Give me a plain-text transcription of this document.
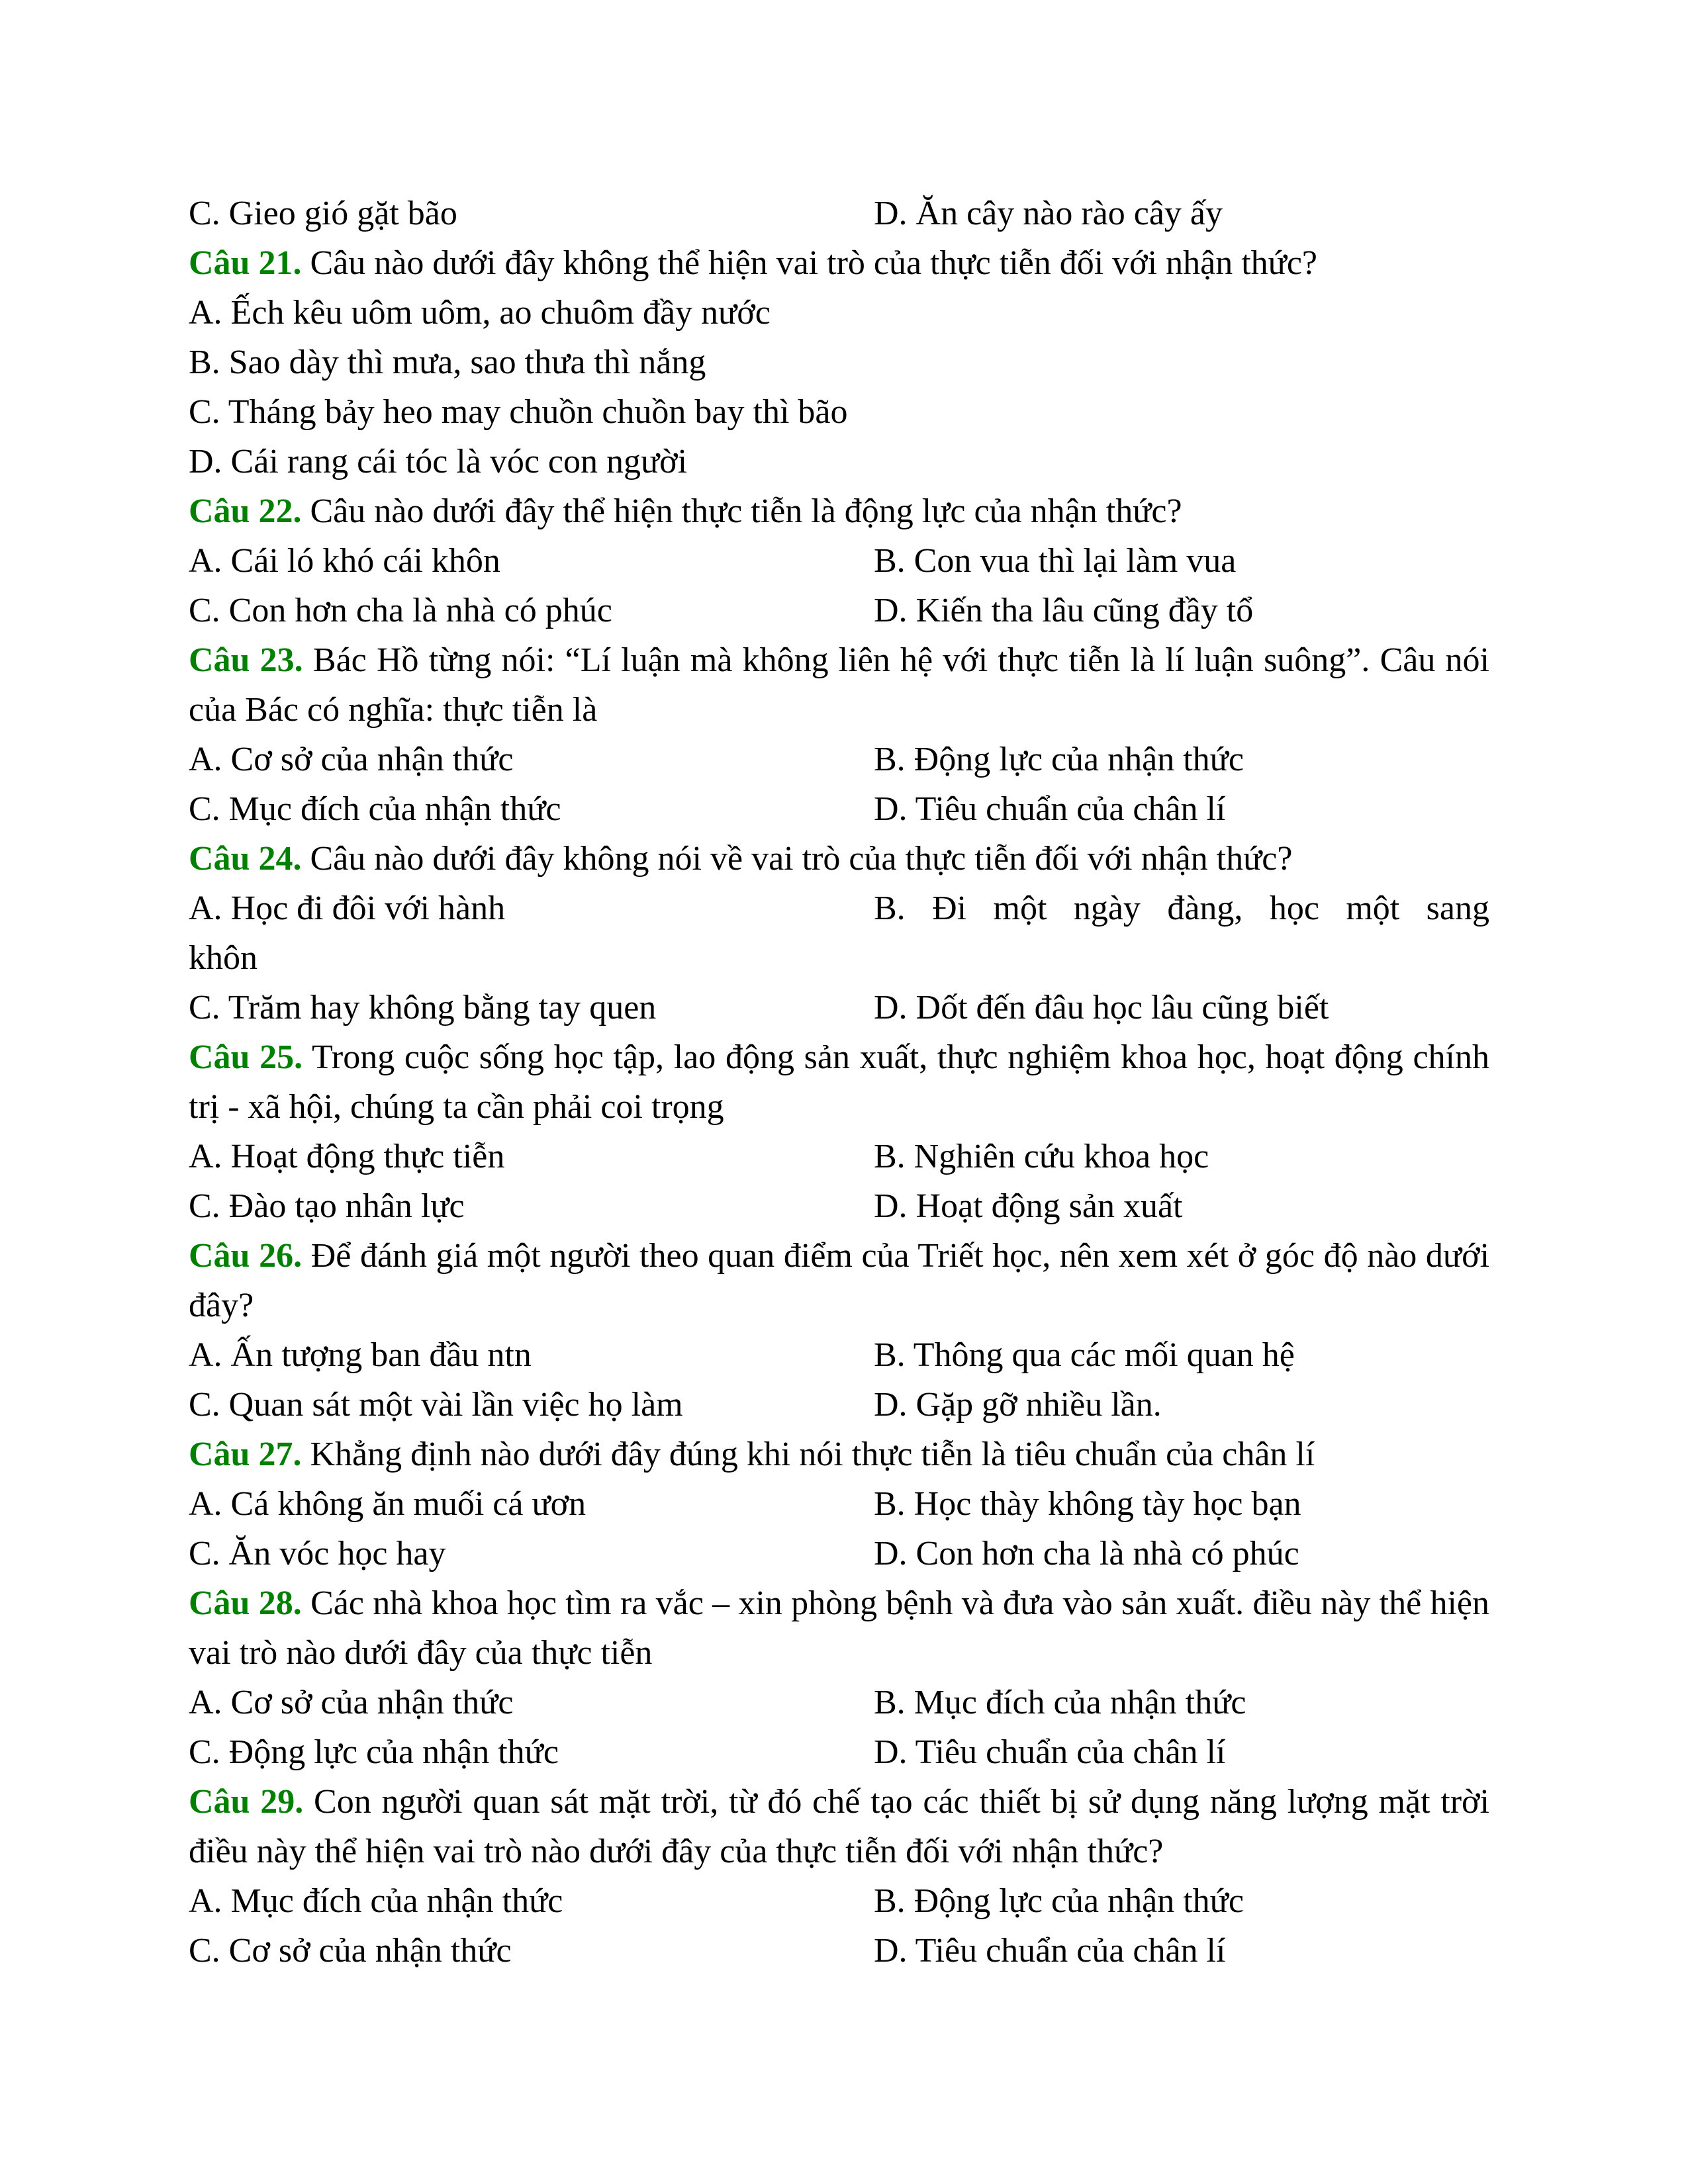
C. Gieo gió gặt bão	D. Ăn cây nào rào cây ấy
Câu 21. Câu nào dưới đây không thể hiện vai trò của thực tiễn đối với nhận thức?
A. Ếch kêu uôm uôm, ao chuôm đầy nước
B. Sao dày thì mưa, sao thưa thì nắng
C. Tháng bảy heo may chuồn chuồn bay thì bão
D. Cái rang cái tóc là vóc con người
Câu 22. Câu nào dưới đây thể hiện thực tiễn là động lực của nhận thức?
A. Cái ló khó cái khôn	B. Con vua thì lại làm vua
C. Con hơn cha là nhà có phúc	D. Kiến tha lâu cũng đầy tổ
Câu 23. Bác Hồ từng nói: “Lí luận mà không liên hệ với thực tiễn là lí luận suông”. Câu nói của Bác có nghĩa: thực tiễn là
A. Cơ sở của nhận thức	B. Động lực của nhận thức
C. Mục đích của nhận thức	D. Tiêu chuẩn của chân lí
Câu 24. Câu nào dưới đây không nói về vai trò của thực tiễn đối với nhận thức?
A. Học đi đôi với hành	B. Đi một ngày đàng, học một sang
khôn
C. Trăm hay không bằng tay quen	D. Dốt đến đâu học lâu cũng biết
Câu 25. Trong cuộc sống học tập, lao động sản xuất, thực nghiệm khoa học, hoạt động chính trị - xã hội, chúng ta cần phải coi trọng
A. Hoạt động thực tiễn	B. Nghiên cứu khoa học
C. Đào tạo nhân lực	D. Hoạt động sản xuất
Câu 26. Để đánh giá một người theo quan điểm của Triết học, nên xem xét ở góc độ nào dưới đây?
A. Ấn tượng ban đầu ntn	B. Thông qua các mối quan hệ
C. Quan sát một vài lần việc họ làm	D. Gặp gỡ nhiều lần.
Câu 27. Khẳng định nào dưới đây đúng khi nói thực tiễn là tiêu chuẩn của chân lí
A. Cá không ăn muối cá ươn	B. Học thày không tày học bạn
C. Ăn vóc học hay	D. Con hơn cha là nhà có phúc
Câu 28. Các nhà khoa học tìm ra vắc – xin phòng bệnh và đưa vào sản xuất. điều này thể hiện vai trò nào dưới đây của thực tiễn
A. Cơ sở của nhận thức	B. Mục đích của nhận thức
C. Động lực của nhận thức	D. Tiêu chuẩn của chân lí
Câu 29. Con người quan sát mặt trời, từ đó chế tạo các thiết bị sử dụng năng lượng mặt trời điều này thể hiện vai trò nào dưới đây của thực tiễn đối với nhận thức?
A. Mục đích của nhận thức	B. Động lực của nhận thức
C. Cơ sở của nhận thức	D. Tiêu chuẩn của chân lí
